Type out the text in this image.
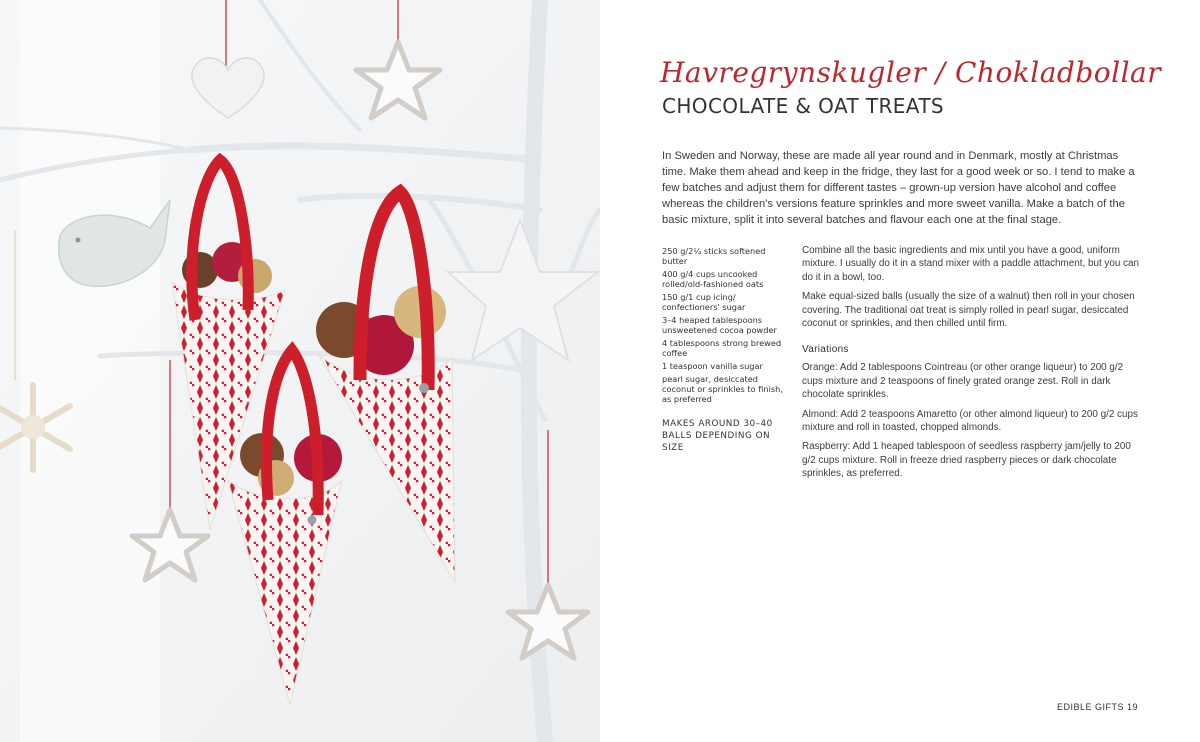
Havregrynskugler / Chokladbollar
CHOCOLATE & OAT TREATS

In Sweden and Norway, these are made all year round and in Denmark, mostly at Christmas time. Make them ahead and keep in the fridge, they last for a good week or so. I tend to make a few batches and adjust them for different tastes – grown-up version have alcohol and coffee whereas the children's versions feature sprinkles and more sweet vanilla. Make a batch of the basic mixture, split it into several batches and flavour each one at the final stage.

250 g/2¼ sticks softened butter
400 g/4 cups uncooked rolled/old-fashioned oats
150 g/1 cup icing/ confectioners' sugar
3–4 heaped tablespoons unsweetened cocoa powder
4 tablespoons strong brewed coffee
1 teaspoon vanilla sugar
pearl sugar, desiccated coconut or sprinkles to finish, as preferred

MAKES AROUND 30–40 BALLS DEPENDING ON SIZE

Combine all the basic ingredients and mix until you have a good, uniform mixture. I usually do it in a stand mixer with a paddle attachment, but you can do it in a bowl, too.

Make equal-sized balls (usually the size of a walnut) then roll in your chosen covering. The traditional oat treat is simply rolled in pearl sugar, desiccated coconut or sprinkles, and then chilled until firm.

Variations

Orange: Add 2 tablespoons Cointreau (or other orange liqueur) to 200 g/2 cups mixture and 2 teaspoons of finely grated orange zest. Roll in dark chocolate sprinkles.

Almond: Add 2 teaspoons Amaretto (or other almond liqueur) to 200 g/2 cups mixture and roll in toasted, chopped almonds.

Raspberry: Add 1 heaped tablespoon of seedless raspberry jam/jelly to 200 g/2 cups mixture. Roll in freeze dried raspberry pieces or dark chocolate sprinkles, as preferred.

EDIBLE GIFTS 19
